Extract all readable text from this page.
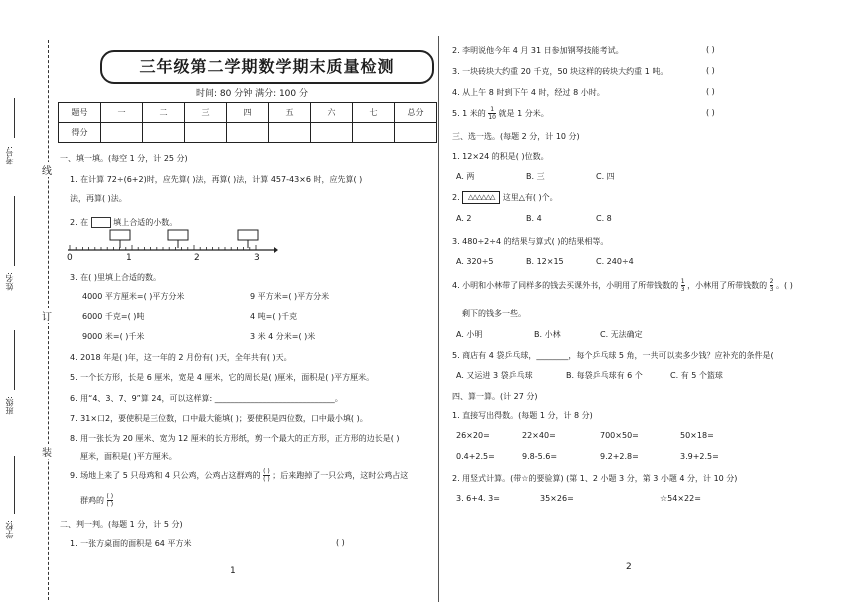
考号:
线
姓名:
订
班级:
装
学校:
三年级第二学期数学期末质量检测
时间: 80 分钟 满分: 100 分
题号	一	二	三	四	五	六	七	总分
得分								
一、填一填。(每空 1 分，计 25 分)
1. 在计算 72÷(6+2)时，应先算( )法，再算( )法，计算 457-43×6 时，应先算( )
法，再算( )法。
2. 在	填上合适的小数。
0	1	2	3
3. 在( )里填上合适的数。
4000 平方厘米=( )平方分米	9 平方米=( )平方分米
6000 千克=( )吨	4 吨=( )千克
9000 米=( )千米	3 米 4 分米=( )米
4. 2018 年是( )年，这一年的 2 月份有( )天，全年共有( )天。
5. 一个长方形，长是 6 厘米，宽是 4 厘米，它的周长是( )厘米，面积是( )平方厘米。
6. 用“4、3、7、9”算 24，可以这样算: ______________________________。
7. 31×口2，要使积是三位数，口中最大能填( )；要使积是四位数，口中最小填( )。
8. 用一张长为 20 厘米、宽为 12 厘米的长方形纸，剪一个最大的正方形，正方形的边长是( )
厘米，面积是( )平方厘米。
9. 场地上来了 5 只母鸡和 4 只公鸡，公鸡占这群鸡的 $\frac{( )}{( )}$ ；后来跑掉了一只公鸡，这时公鸡占这
群鸡的 $\frac{( )}{( )}$
二、判一判。(每题 1 分，计 5 分)
1. 一张方桌面的面积是 64 平方米	( )
1
2. 李明说他今年 4 月 31 日参加钢琴技能考试。	( )
3. 一块砖块大约重 20 千克，50 块这样的砖块大约重 1 吨。	( )
4. 从上午 8 时到下午 4 时，经过 8 小时。	( )
5. 1 米的 $\frac{1}{10}$ 就是 1 分米。	( )
三、选一选。(每题 2 分，计 10 分)
1. 12×24 的积是( )位数。
A. 两	B. 三	C. 四
2. △△△△△△ 这里△有( )个。
A. 2	B. 4	C. 8
3. 480÷2÷4 的结果与算式( )的结果相等。
A. 320÷5	B. 12×15	C. 240÷4
4. 小明和小林带了同样多的钱去买课外书，小明用了所带钱数的 $\frac{1}{3}$ ，小林用了所带钱数的 $\frac{2}{3}$ 。( )
剩下的钱多一些。
A. 小明	B. 小林	C. 无法确定
5. 商店有 4 袋乒乓球，________，每个乒乓球 5 角，一共可以卖多少钱？应补充的条件是(
A. 又运进 3 袋乒乓球	B. 每袋乒乓球有 6 个	C. 有 5 个篮球
四、算一算。(计 27 分)
1. 直接写出得数。(每题 1 分，计 8 分)
26×20=	22×40=	700×50=	50×18=
0.4+2.5=	9.8-5.6=	9.2+2.8=	3.9+2.5=
2. 用竖式计算。(带☆的要验算) (第 1、2 小题 3 分，第 3 小题 4 分，计 10 分)
3. 6+4. 3=	35×26=	☆54×22=
2
